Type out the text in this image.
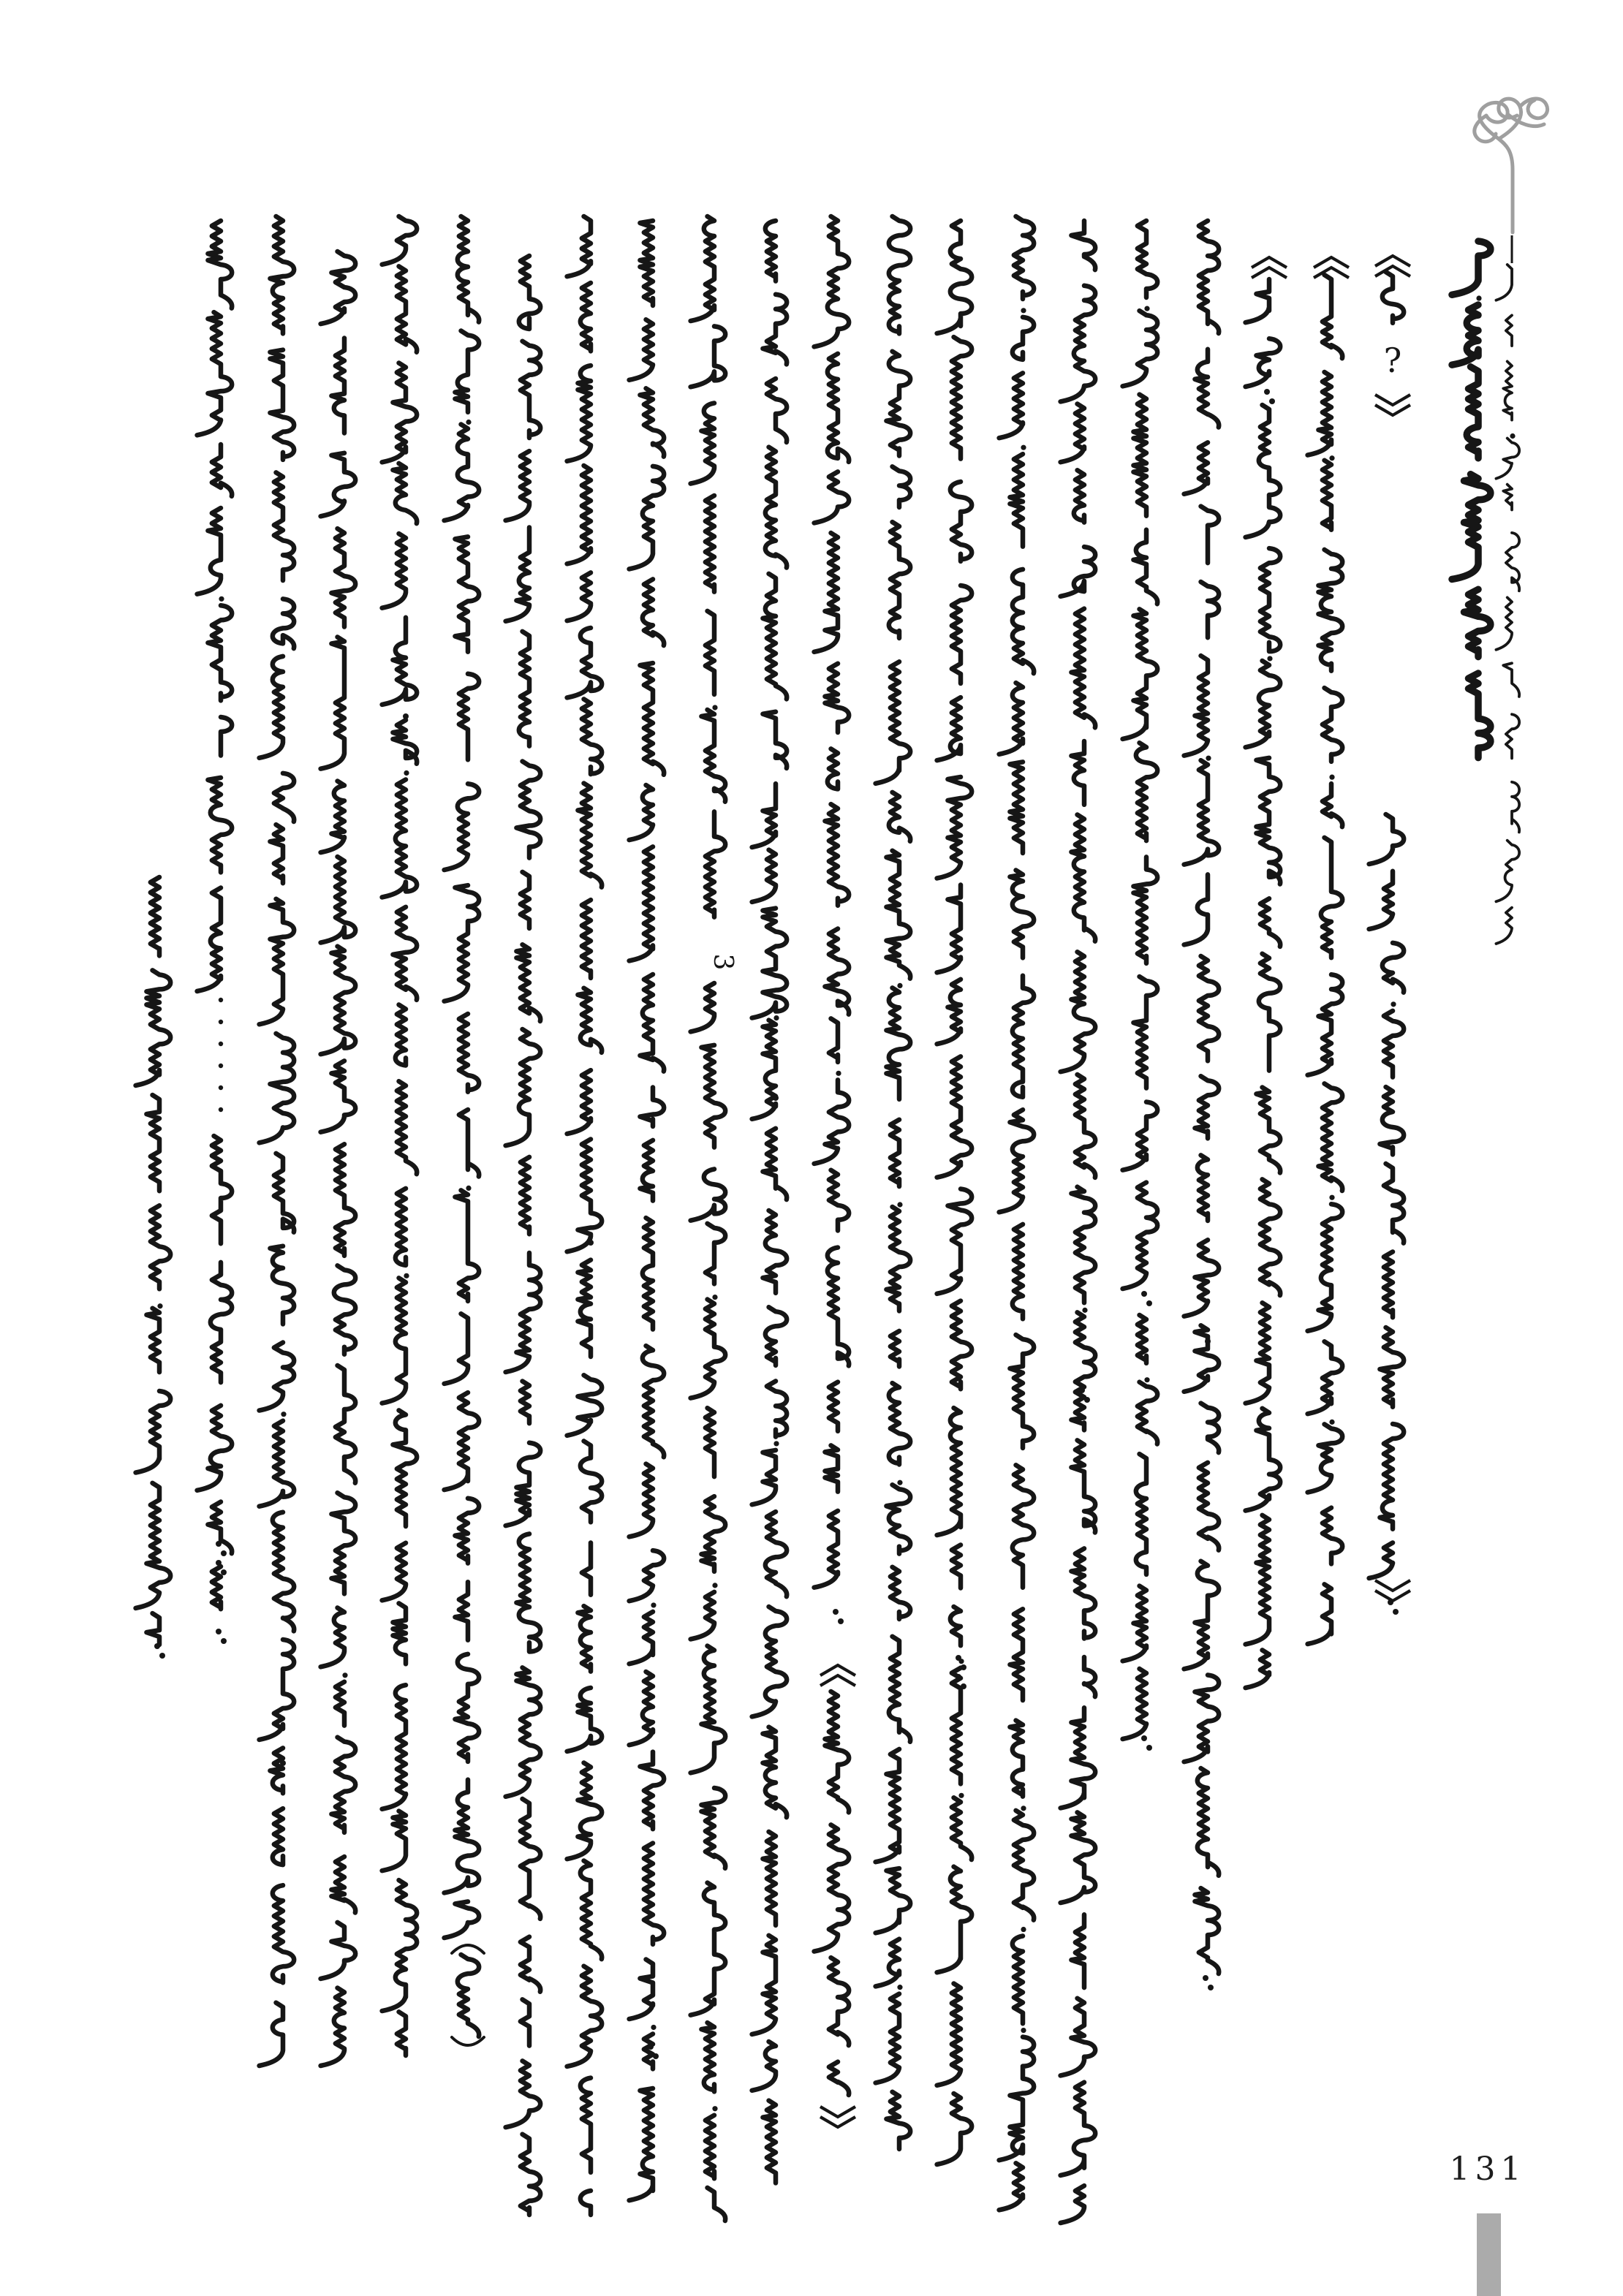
3
?
131
